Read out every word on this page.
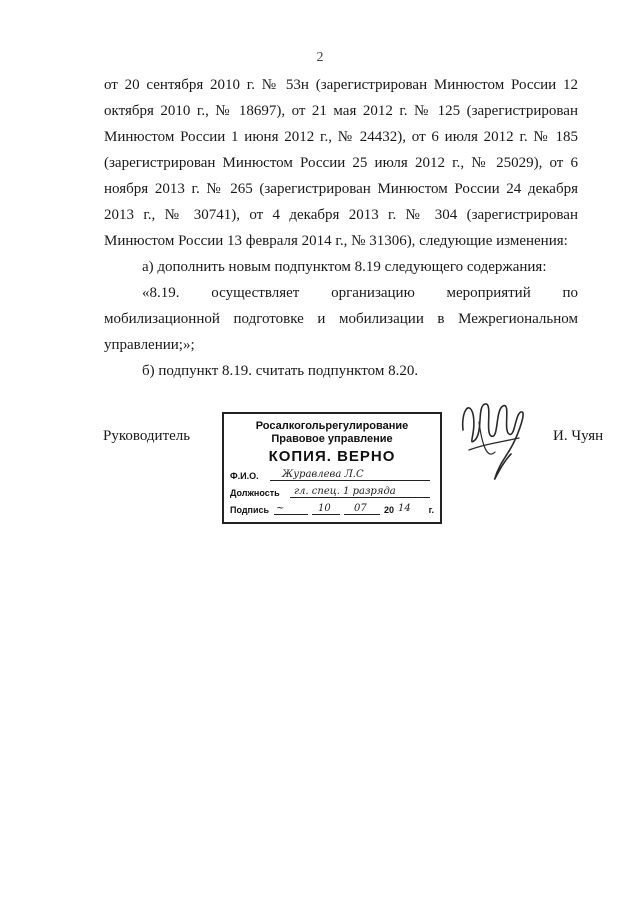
2

от 20 сентября 2010 г. № 53н (зарегистрирован Минюстом России 12 октября 2010 г., № 18697), от 21 мая 2012 г. № 125 (зарегистрирован Минюстом России 1 июня 2012 г., № 24432), от 6 июля 2012 г. № 185 (зарегистрирован Минюстом России 25 июля 2012 г., № 25029), от 6 ноября 2013 г. № 265 (зарегистрирован Минюстом России 24 декабря 2013 г., № 30741), от 4 декабря 2013 г. № 304 (зарегистрирован Минюстом России 13 февраля 2014 г., № 31306), следующие изменения:

а) дополнить новым подпунктом 8.19 следующего содержания:

«8.19. осуществляет организацию мероприятий по мобилизационной подготовке и мобилизации в Межрегиональном управлении;»;

б) подпункт 8.19. считать подпунктом 8.20.

Руководитель	И. Чуян
Росалкогольрегулирование
Правовое управление
КОПИЯ. ВЕРНО
Ф.И.О. Журавлева Л.С
Должность гл. спец. 1 разряда
Подпись ~	10 07 20 14 г.
